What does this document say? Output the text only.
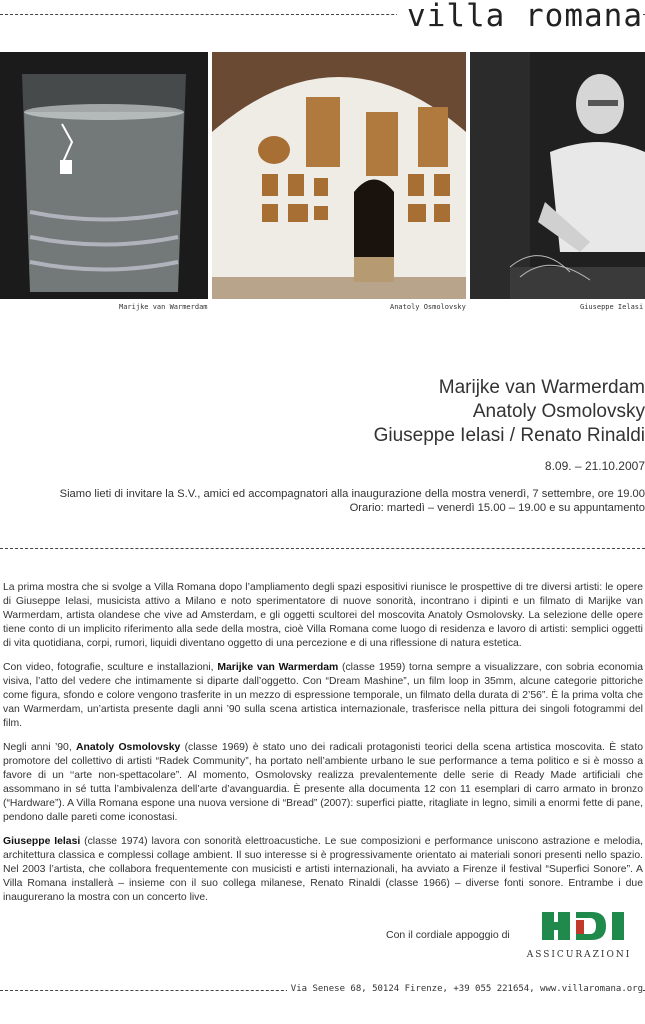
villa romana
Marijke van Warmerdam	Anatoly Osmolovsky	Giuseppe Ielasi
Marijke van Warmerdam
Anatoly Osmolovsky
Giuseppe Ielasi / Renato Rinaldi
8.09. – 21.10.2007
Siamo lieti di invitare la S.V., amici ed accompagnatori alla inaugurazione della mostra venerdì, 7 settembre, ore 19.00
Orario: martedì – venerdì 15.00 – 19.00 e su appuntamento

La prima mostra che si svolge a Villa Romana dopo l’ampliamento degli spazi espositivi riunisce le prospettive di tre diversi artisti: le opere di Giuseppe Ielasi, musicista attivo a Milano e noto sperimentatore di nuove sonorità, incontrano i dipinti e un filmato di Marijke van Warmerdam, artista olandese che vive ad Amsterdam, e gli oggetti scultorei del moscovita Anatoly Osmolovsky. La selezione delle opere tiene conto di un implicito riferimento alla sede della mostra, cioè Villa Romana come luogo di residenza e lavoro di artisti: semplici oggetti di vita quotidiana, corpi, rumori, liquidi diventano oggetto di una percezione e di una riflessione di natura estetica.

Con video, fotografie, sculture e installazioni, Marijke van Warmerdam (classe 1959) torna sempre a visualizzare, con sobria economia visiva, l’atto del vedere che intimamente si diparte dall’oggetto. Con “Dream Mashine”, un film loop in 35mm, alcune categorie pittoriche come figura, sfondo e colore vengono trasferite in un mezzo di espressione temporale, un filmato della durata di 2’56”. È la prima volta che van Warmerdam, un’artista presente dagli anni ’90 sulla scena artistica internazionale, trasferisce nella pittura dei singoli fotogrammi del film.

Negli anni ’90, Anatoly Osmolovsky (classe 1969) è stato uno dei radicali protagonisti teorici della scena artistica moscovita. È stato promotore del collettivo di artisti “Radek Community”, ha portato nell’ambiente urbano le sue performance a tema politico e si è mosso a favore di un ‘‘arte non-spettacolare”. Al momento, Osmolovsky realizza prevalentemente delle serie di Ready Made artificiali che assommano in sé tutta l’ambivalenza dell’arte d’avanguardia. È presente alla documenta 12 con 11 esemplari di carro armato in bronzo (“Hardware”). A Villa Romana espone una nuova versione di “Bread” (2007): superfici piatte, ritagliate in legno, simili a enormi fette di pane, pendono dalle pareti come iconostasi.

Giuseppe Ielasi (classe 1974) lavora con sonorità elettroacustiche. Le sue composizioni e performance uniscono astrazione e melodia, architettura classica e complessi collage ambient. Il suo interesse si è progressivamente orientato ai materiali sonori presenti nello spazio. Nel 2003 l’artista, che collabora frequentemente con musicisti e artisti internazionali, ha avviato a Firenze il festival “Superfici Sonore”. A Villa Romana installerà – insieme con il suo collega milanese, Renato Rinaldi (classe 1966) – diverse fonti sonore. Entrambe i due inaugurerano la mostra con un concerto live.

Con il cordiale appoggio di
ASSICURAZIONI
Via Senese 68, 50124 Firenze, +39 055 221654, www.villaromana.org
